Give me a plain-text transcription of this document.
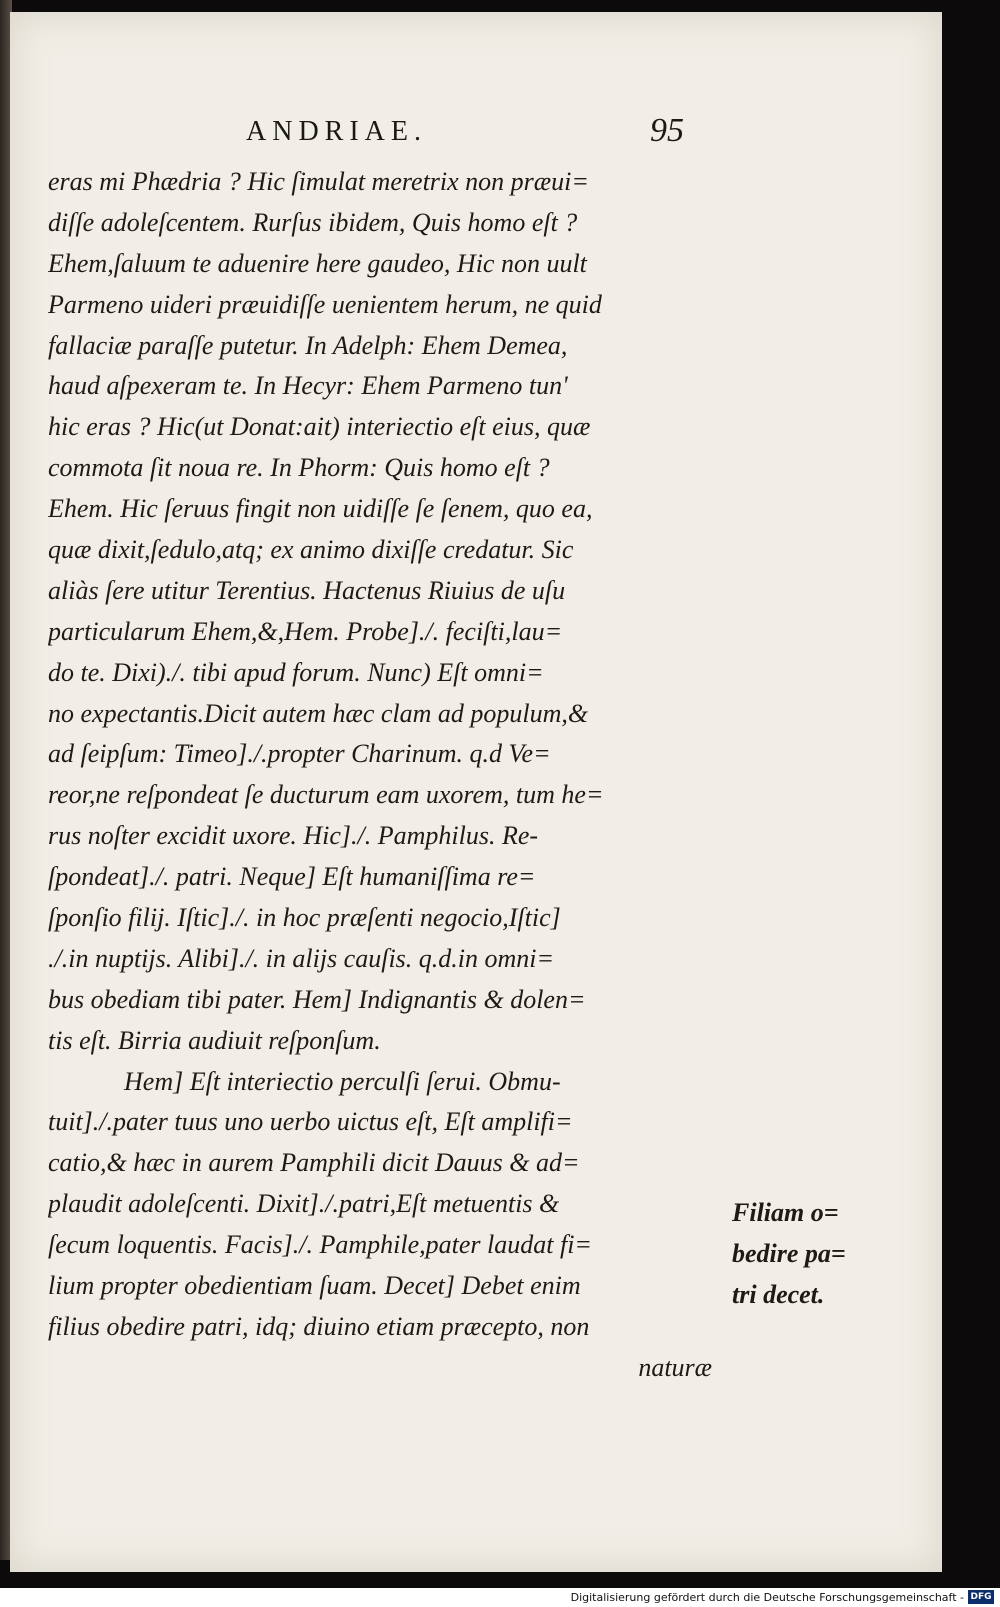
ANDRIAE.	95
eras mi Phædria ? Hic ſimulat meretrix non præui=
diſſe adoleſcentem. Rurſus ibidem, Quis homo eſt ?
Ehem,ſaluum te aduenire here gaudeo, Hic non uult
Parmeno uideri præuidiſſe uenientem herum, ne quid
fallaciæ paraſſe putetur. In Adelph: Ehem Demea,
haud aſpexeram te. In Hecyr: Ehem Parmeno tun'
hic eras ? Hic(ut Donat:ait) interiectio eſt eius, quæ
commota ſit noua re. In Phorm: Quis homo eſt ?
Ehem. Hic ſeruus fingit non uidiſſe ſe ſenem, quo ea,
quæ dixit,ſedulo,atq; ex animo dixiſſe credatur. Sic
aliàs ſere utitur Terentius. Hactenus Riuius de uſu
particularum Ehem,&,Hem. Probe]./. feciſti,lau=
do te. Dixi)./. tibi apud forum. Nunc) Eſt omni=
no expectantis.Dicit autem hæc clam ad populum,&
ad ſeipſum: Timeo]./.propter Charinum. q.d Ve=
reor,ne reſpondeat ſe ducturum eam uxorem, tum he=
rus noſter excidit uxore. Hic]./. Pamphilus. Re-
ſpondeat]./. patri. Neque] Eſt humaniſſima re=
ſponſio filij. Iſtic]./. in hoc præſenti negocio,Iſtic]
./.in nuptijs. Alibi]./. in alijs cauſis. q.d.in omni=
bus obediam tibi pater. Hem] Indignantis & dolen=
tis eſt. Birria audiuit reſponſum.
Hem] Eſt interiectio perculſi ſerui. Obmu-
tuit]./.pater tuus uno uerbo uictus eſt, Eſt amplifi=
catio,& hæc in aurem Pamphili dicit Dauus & ad=
plaudit adoleſcenti. Dixit]./.patri,Eſt metuentis &
ſecum loquentis. Facis]./. Pamphile,pater laudat fi=
lium propter obedientiam ſuam. Decet] Debet enim
filius obedire patri, idq; diuino etiam præcepto, non
naturæ
Filiam o=
bedire pa=
tri decet.
Digitalisierung gefördert durch die Deutsche Forschungsgemeinschaft - DFG
